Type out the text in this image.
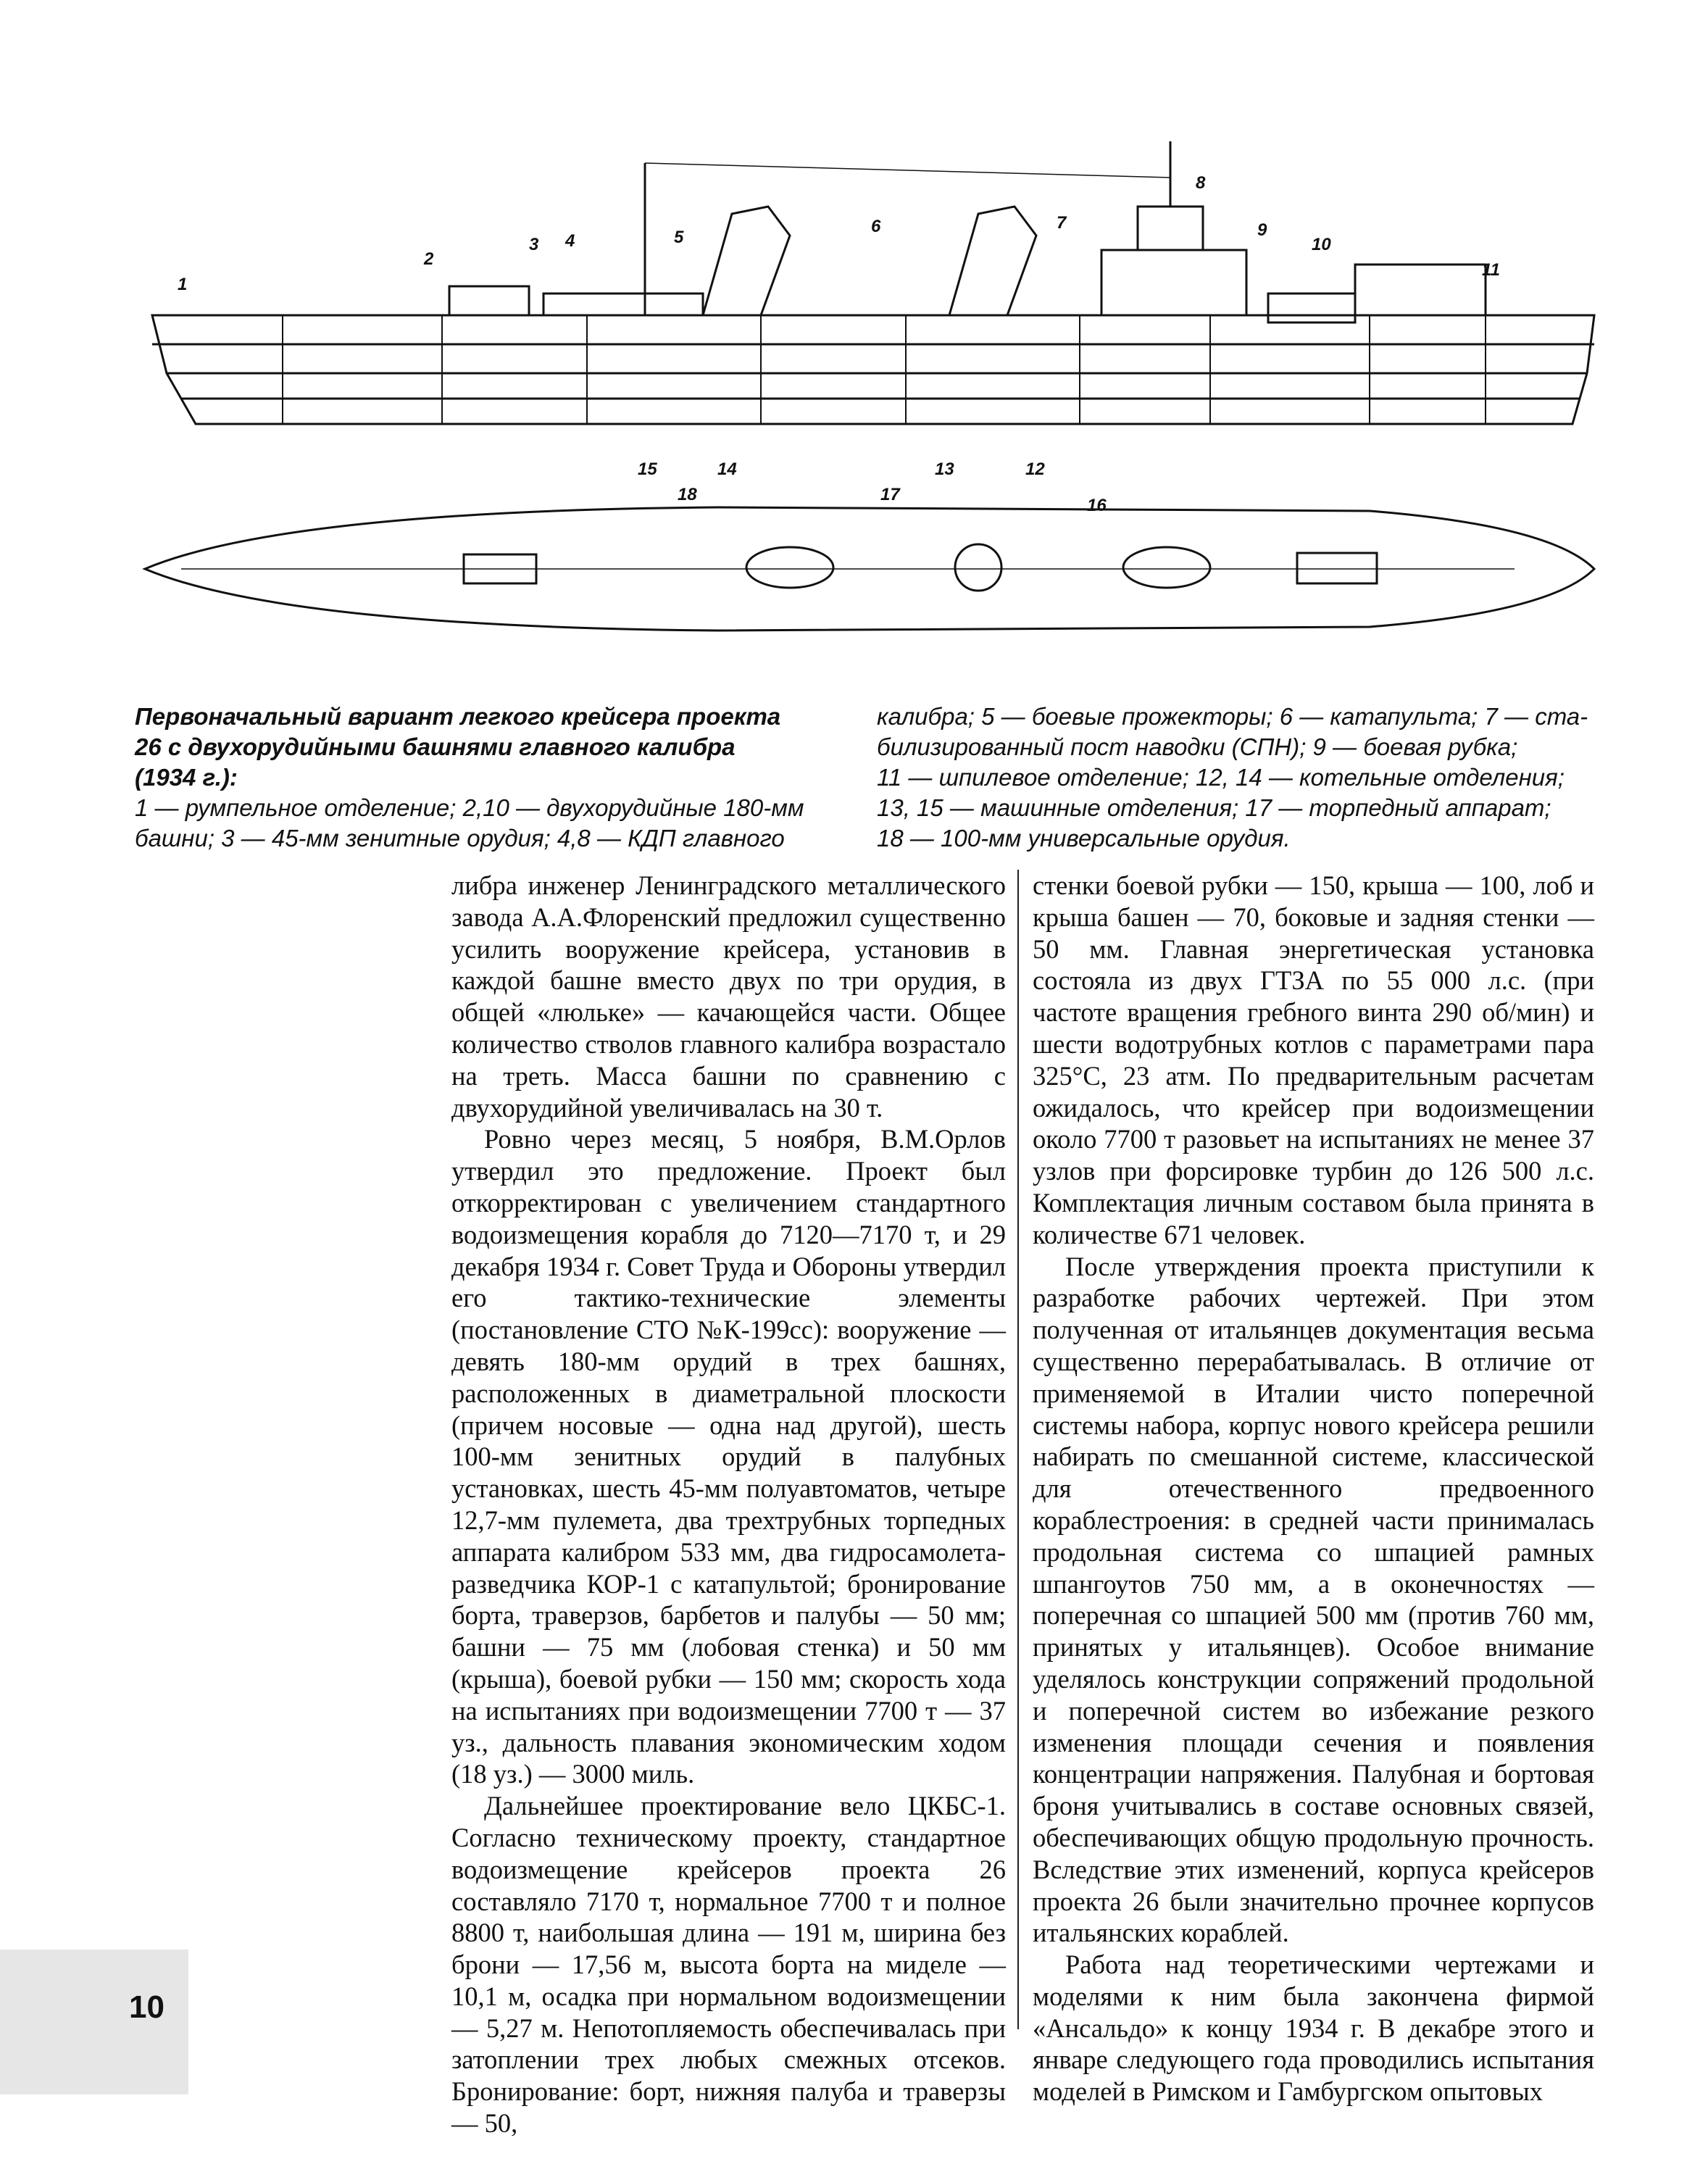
1
2
3 4	5
6	7
8
9
10
11
12
13
14
15
16
17
18
Первоначальный вариант легкого крейсера проекта
26 с двухорудийными башнями главного калибра
(1934 г.):
1 — румпельное отделение; 2,10 — двухорудийные 180-мм
башни; 3 — 45-мм зенитные орудия; 4,8 — КДП главного
калибра; 5 — боевые прожекторы; 6 — катапульта; 7 — ста-
билизированный пост наводки (СПН); 9 — боевая рубка;
11 — шпилевое отделение; 12, 14 — котельные отделения;
13, 15 — машинные отделения; 17 — торпедный аппарат;
18 — 100-мм универсальные орудия.

либра инженер Ленинградского металлического завода А.А.Флоренский предложил существенно усилить вооружение крейсера, установив в каждой башне вместо двух по три орудия, в общей «люльке» — качающейся части. Общее количество стволов главного калибра возрастало на треть. Масса башни по сравнению с двухорудийной увеличивалась на 30 т.

Ровно через месяц, 5 ноября, В.М.Орлов утвердил это предложение. Проект был откорректирован с увеличением стандартного водоизмещения корабля до 7120—7170 т, и 29 декабря 1934 г. Совет Труда и Обороны утвердил его тактико-технические элементы (постановление СТО №К-199сс): вооружение — девять 180-мм орудий в трех башнях, расположенных в диаметральной плоскости (причем носовые — одна над другой), шесть 100-мм зенитных орудий в палубных установках, шесть 45-мм полуавтоматов, четыре 12,7-мм пулемета, два трехтрубных торпедных аппарата калибром 533 мм, два гидросамолета-разведчика КОР-1 с катапультой; бронирование борта, траверзов, барбетов и палубы — 50 мм; башни — 75 мм (лобовая стенка) и 50 мм (крыша), боевой рубки — 150 мм; скорость хода на испытаниях при водоизмещении 7700 т — 37 уз., дальность плавания экономическим ходом (18 уз.) — 3000 миль.

Дальнейшее проектирование вело ЦКБС-1. Согласно техническому проекту, стандартное водоизмещение крейсеров проекта 26 составляло 7170 т, нормальное 7700 т и полное 8800 т, наибольшая длина — 191 м, ширина без брони — 17,56 м, высота борта на миделе — 10,1 м, осадка при нормальном водоизмещении — 5,27 м. Непотопляемость обеспечивалась при затоплении трех любых смежных отсеков. Бронирование: борт, нижняя палуба и траверзы — 50,

стенки боевой рубки — 150, крыша — 100, лоб и крыша башен — 70, боковые и задняя стенки — 50 мм. Главная энергетическая установка состояла из двух ГТЗА по 55 000 л.с. (при частоте вращения гребного винта 290 об/мин) и шести водотрубных котлов с параметрами пара 325°С, 23 атм. По предварительным расчетам ожидалось, что крейсер при водоизмещении около 7700 т разовьет на испытаниях не менее 37 узлов при форсировке турбин до 126 500 л.с. Комплектация личным составом была принята в количестве 671 человек.

После утверждения проекта приступили к разработке рабочих чертежей. При этом полученная от итальянцев документация весьма существенно перерабатывалась. В отличие от применяемой в Италии чисто поперечной системы набора, корпус нового крейсера решили набирать по смешанной системе, классической для отечественного предвоенного кораблестроения: в средней части принималась продольная система со шпацией рамных шпангоутов 750 мм, а в оконечностях — поперечная со шпацией 500 мм (против 760 мм, принятых у итальянцев). Особое внимание уделялось конструкции сопряжений продольной и поперечной систем во избежание резкого изменения площади сечения и появления концентрации напряжения. Палубная и бортовая броня учитывались в составе основных связей, обеспечивающих общую продольную прочность. Вследствие этих изменений, корпуса крейсеров проекта 26 были значительно прочнее корпусов итальянских кораблей.

Работа над теоретическими чертежами и моделями к ним была закончена фирмой «Ансальдо» к концу 1934 г. В декабре этого и январе следующего года проводились испытания моделей в Римском и Гамбургском опытовых

10
